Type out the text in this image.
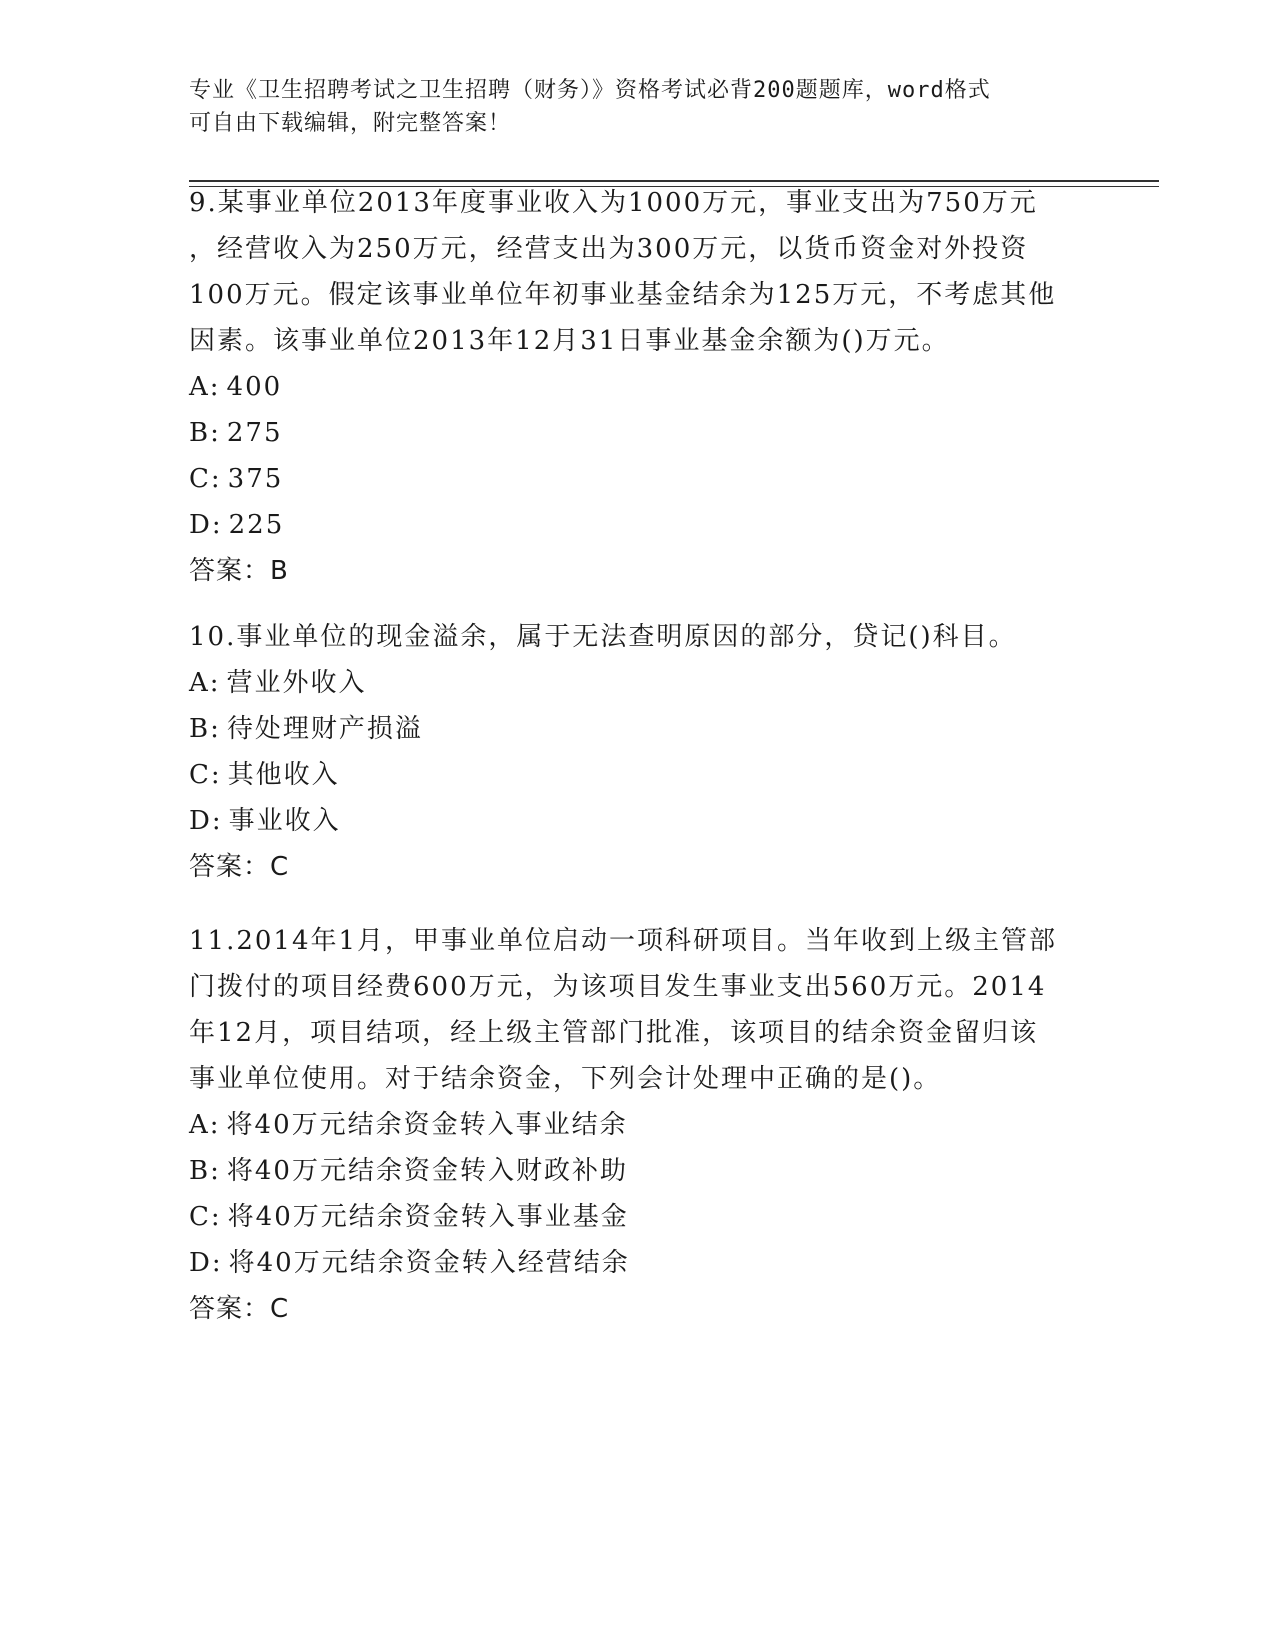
专业《卫生招聘考试之卫生招聘（财务）》资格考试必背200题题库，word格式
可自由下载编辑，附完整答案！
9.某事业单位2013年度事业收入为1000万元，事业支出为750万元
，经营收入为250万元，经营支出为300万元，以货币资金对外投资
100万元。假定该事业单位年初事业基金结余为125万元，不考虑其他
因素。该事业单位2013年12月31日事业基金余额为()万元。
A: 400
B: 275
C: 375
D: 225
答案：B
10.事业单位的现金溢余，属于无法查明原因的部分，贷记()科目。
A: 营业外收入
B: 待处理财产损溢
C: 其他收入
D: 事业收入
答案：C
11.2014年1月，甲事业单位启动一项科研项目。当年收到上级主管部
门拨付的项目经费600万元，为该项目发生事业支出560万元。2014
年12月，项目结项，经上级主管部门批准，该项目的结余资金留归该
事业单位使用。对于结余资金，下列会计处理中正确的是()。
A: 将40万元结余资金转入事业结余
B: 将40万元结余资金转入财政补助
C: 将40万元结余资金转入事业基金
D: 将40万元结余资金转入经营结余
答案：C
